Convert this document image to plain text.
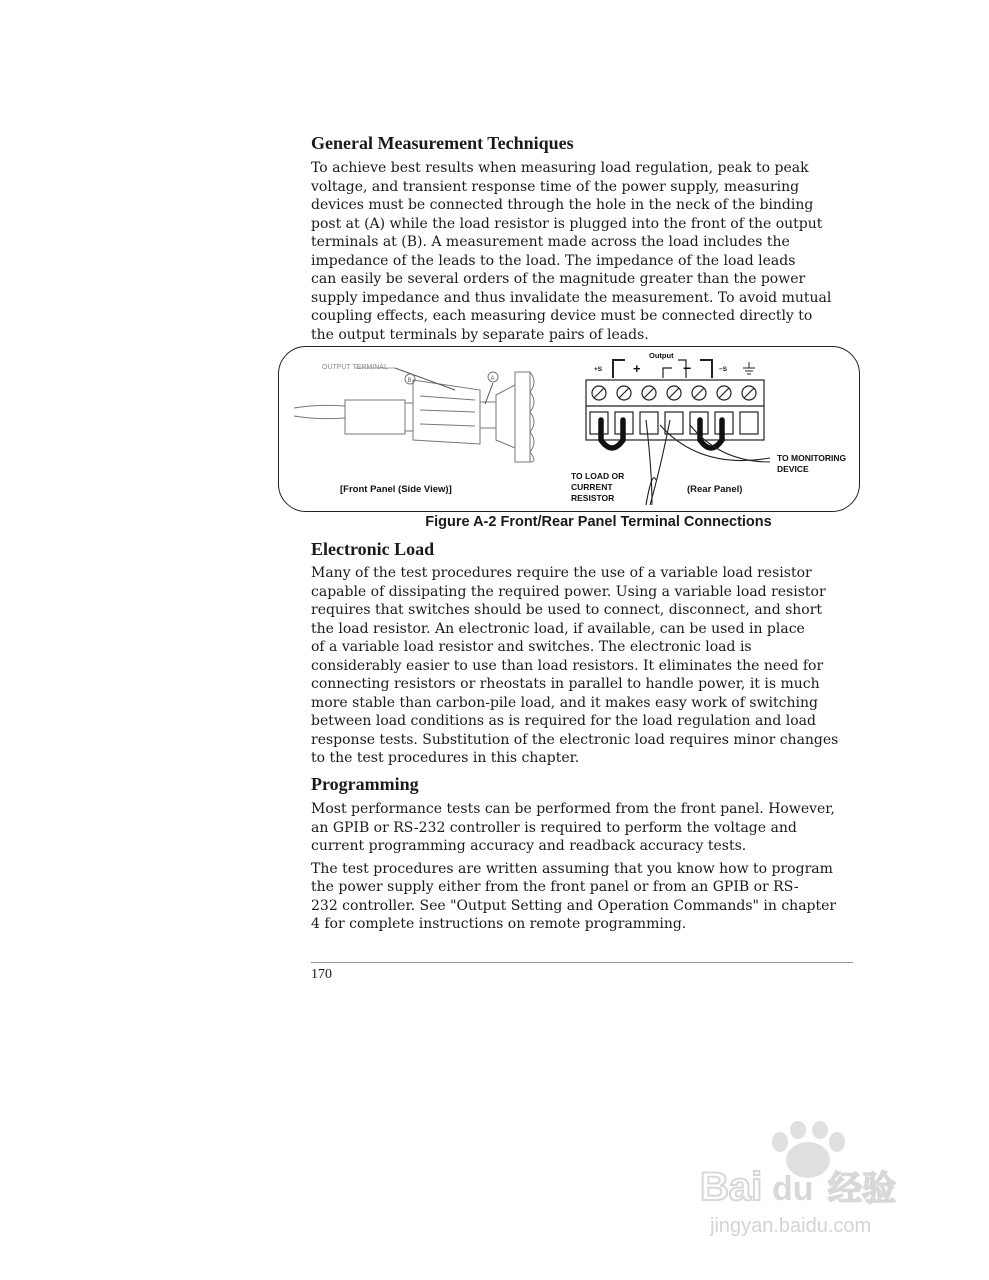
General Measurement Techniques

To achieve best results when measuring load regulation, peak to peak
voltage, and transient response time of the power supply, measuring
devices must be connected through the hole in the neck of the binding
post at (A) while the load resistor is plugged into the front of the output
terminals at (B). A measurement made across the load includes the
impedance of the leads to the load. The impedance of the load leads
can easily be several orders of the magnitude greater than the power
supply impedance and thus invalidate the measurement. To avoid mutual
coupling effects, each measuring device must be connected directly to
the output terminals by separate pairs of leads.

OUTPUT TERMINAL
B	A
[Front Panel (Side View)]
Output
+S +	−	−S
TO LOAD OR
CURRENT
RESISTOR
(Rear Panel)
TO MONITORING
DEVICE
Figure A-2 Front/Rear Panel Terminal Connections
Electronic Load

Many of the test procedures require the use of a variable load resistor
capable of dissipating the required power. Using a variable load resistor
requires that switches should be used to connect, disconnect, and short
the load resistor. An electronic load, if available, can be used in place
of a variable load resistor and switches. The electronic load is
considerably easier to use than load resistors. It eliminates the need for
connecting resistors or rheostats in parallel to handle power, it is much
more stable than carbon-pile load, and it makes easy work of switching
between load conditions as is required for the load regulation and load
response tests. Substitution of the electronic load requires minor changes
to the test procedures in this chapter.

Programming

Most performance tests can be performed from the front panel. However,
an GPIB or RS-232 controller is required to perform the voltage and
current programming accuracy and readback accuracy tests.

The test procedures are written assuming that you know how to program
the power supply either from the front panel or from an GPIB or RS-
232 controller. See "Output Setting and Operation Commands" in chapter
4 for complete instructions on remote programming.

170
Bai du 经验
jingyan.baidu.com
